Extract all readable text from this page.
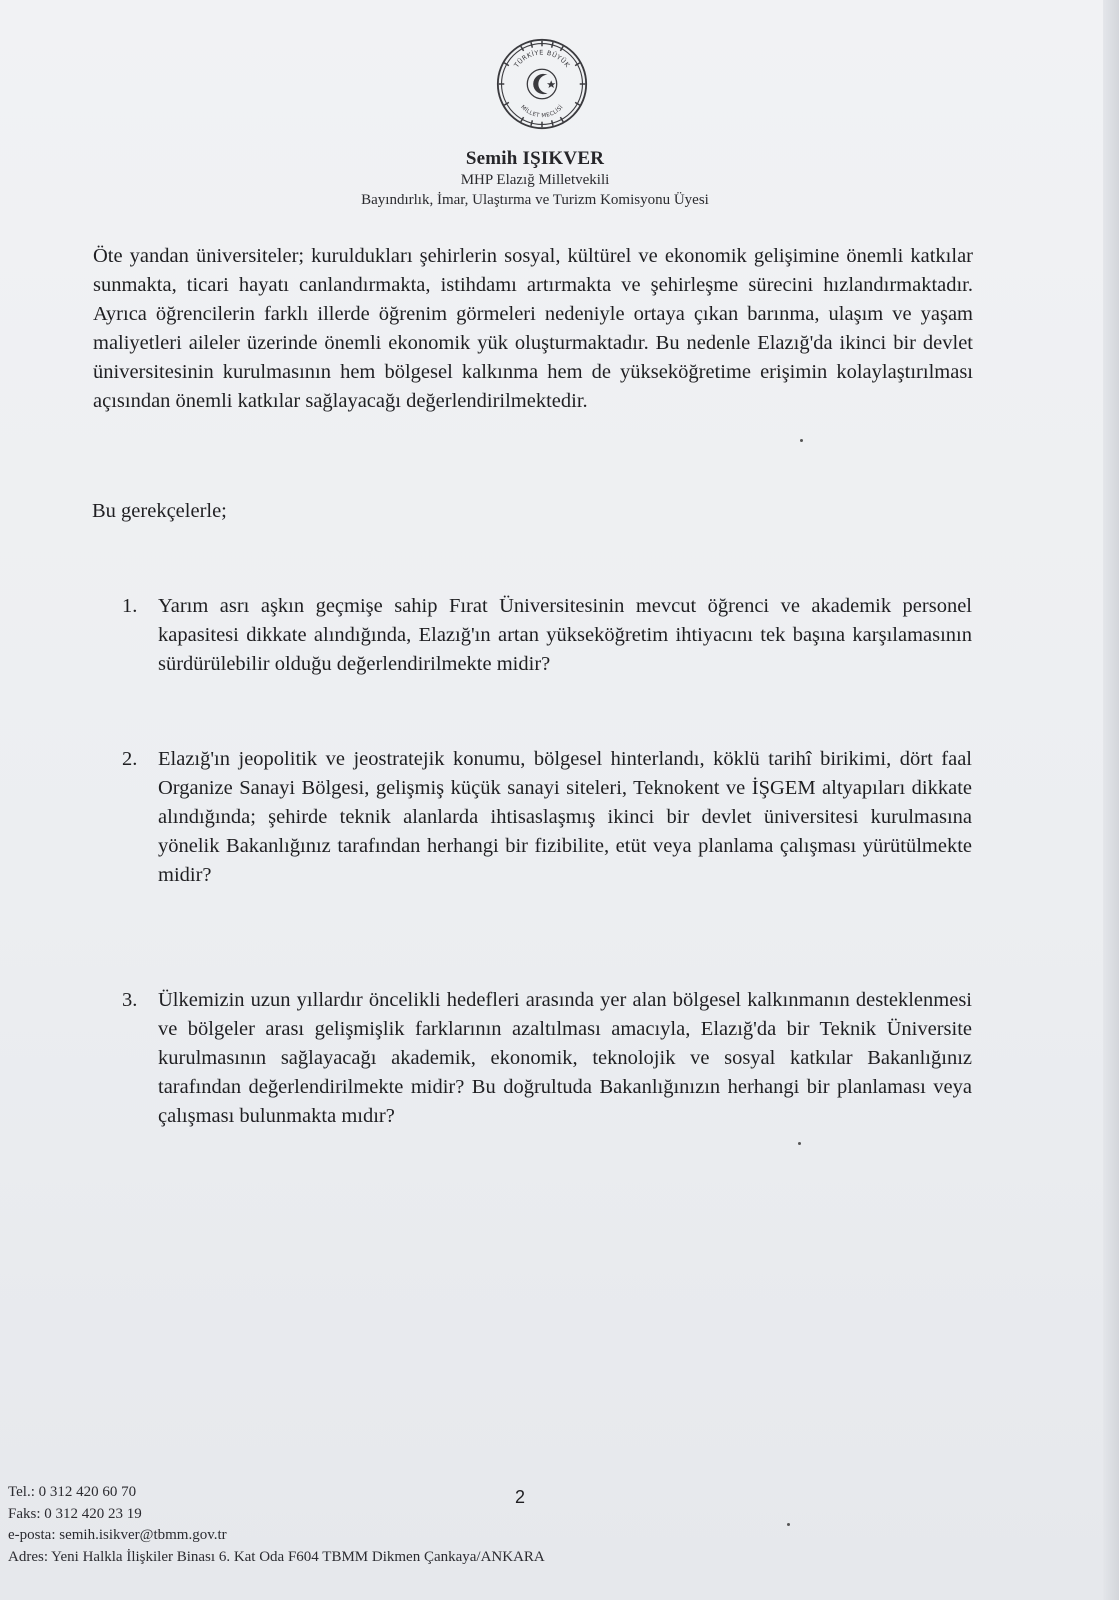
TÜRKİYE BÜYÜK
MİLLET MECLİSİ
Semih IŞIKVER
MHP Elazığ Milletvekili
Bayındırlık, İmar, Ulaştırma ve Turizm Komisyonu Üyesi
Öte yandan üniversiteler; kuruldukları şehirlerin sosyal, kültürel ve ekonomik gelişimine önemli katkılar sunmakta, ticari hayatı canlandırmakta, istihdamı artırmakta ve şehirleşme sürecini hızlandırmaktadır. Ayrıca öğrencilerin farklı illerde öğrenim görmeleri nedeniyle ortaya çıkan barınma, ulaşım ve yaşam maliyetleri aileler üzerinde önemli ekonomik yük oluşturmaktadır. Bu nedenle Elazığ'da ikinci bir devlet üniversitesinin kurulmasının hem bölgesel kalkınma hem de yükseköğretime erişimin kolaylaştırılması açısından önemli katkılar sağlayacağı değerlendirilmektedir.
Bu gerekçelerle;
1.	Yarım asrı aşkın geçmişe sahip Fırat Üniversitesinin mevcut öğrenci ve akademik personel kapasitesi dikkate alındığında, Elazığ'ın artan yükseköğretim ihtiyacını tek başına karşılamasının sürdürülebilir olduğu değerlendirilmekte midir?
2.	Elazığ'ın jeopolitik ve jeostratejik konumu, bölgesel hinterlandı, köklü tarihî birikimi, dört faal Organize Sanayi Bölgesi, gelişmiş küçük sanayi siteleri, Teknokent ve İŞGEM altyapıları dikkate alındığında; şehirde teknik alanlarda ihtisaslaşmış ikinci bir devlet üniversitesi kurulmasına yönelik Bakanlığınız tarafından herhangi bir fizibilite, etüt veya planlama çalışması yürütülmekte midir?
3.	Ülkemizin uzun yıllardır öncelikli hedefleri arasında yer alan bölgesel kalkınmanın desteklenmesi ve bölgeler arası gelişmişlik farklarının azaltılması amacıyla, Elazığ'da bir Teknik Üniversite kurulmasının sağlayacağı akademik, ekonomik, teknolojik ve sosyal katkılar Bakanlığınız tarafından değerlendirilmekte midir? Bu doğrultuda Bakanlığınızın herhangi bir planlaması veya çalışması bulunmakta mıdır?
2
Tel.: 0 312 420 60 70
Faks: 0 312 420 23 19
e-posta: semih.isikver@tbmm.gov.tr
Adres: Yeni Halkla İlişkiler Binası 6. Kat Oda F604 TBMM Dikmen Çankaya/ANKARA
